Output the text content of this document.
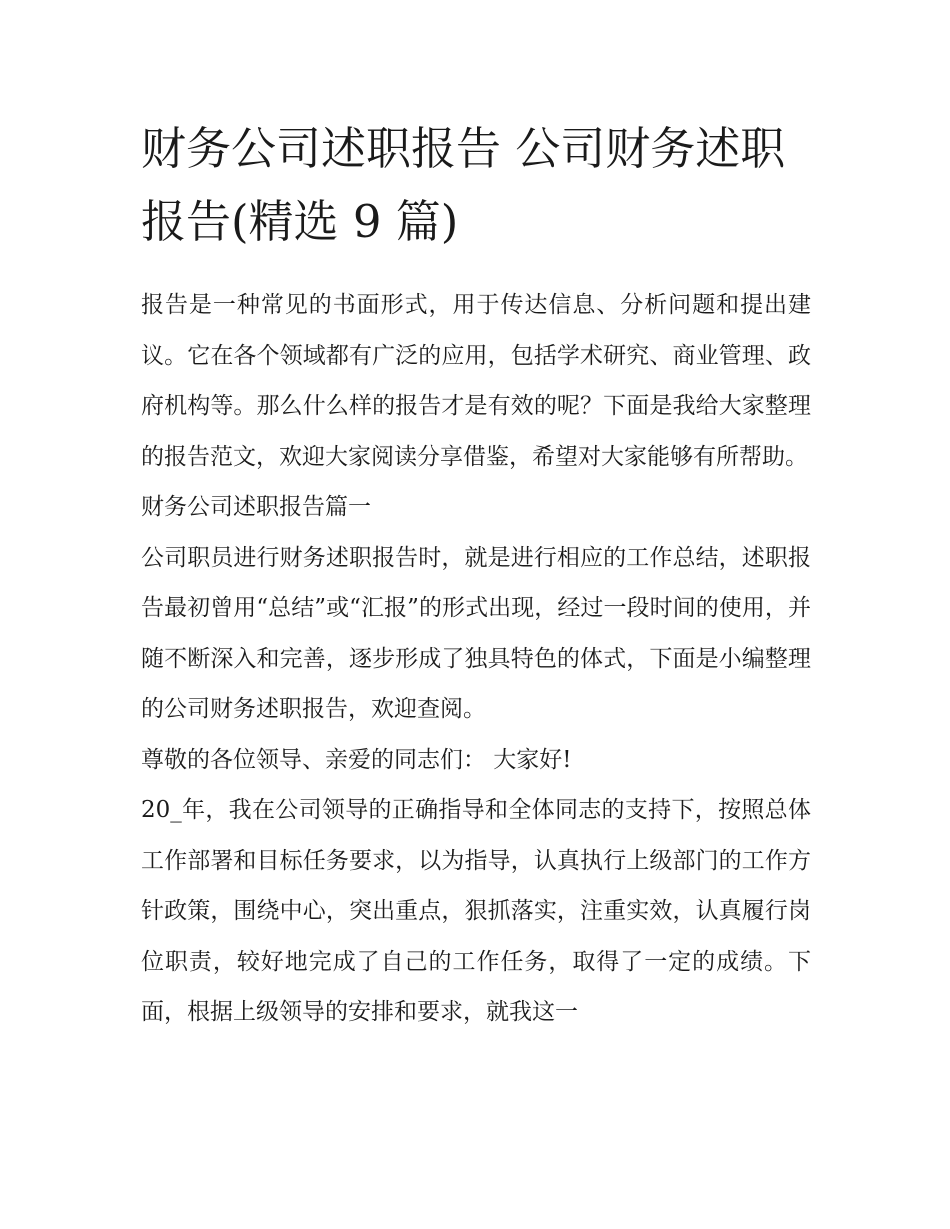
财务公司述职报告 公司财务述职报告(精选 9 篇)

报告是一种常见的书面形式，用于传达信息、分析问题和提出建议。它在各个领域都有广泛的应用，包括学术研究、商业管理、政府机构等。那么什么样的报告才是有效的呢？下面是我给大家整理的报告范文，欢迎大家阅读分享借鉴，希望对大家能够有所帮助。

财务公司述职报告篇一

公司职员进行财务述职报告时，就是进行相应的工作总结，述职报告最初曾用“总结”或“汇报”的形式出现，经过一段时间的使用，并随不断深入和完善，逐步形成了独具特色的体式，下面是小编整理的公司财务述职报告，欢迎查阅。

尊敬的各位领导、亲爱的同志们： 大家好!

20_年，我在公司领导的正确指导和全体同志的支持下，按照总体工作部署和目标任务要求，以为指导，认真执行上级部门的工作方针政策，围绕中心，突出重点，狠抓落实，注重实效，认真履行岗位职责，较好地完成了自己的工作任务，取得了一定的成绩。下面，根据上级领导的安排和要求，就我这一
